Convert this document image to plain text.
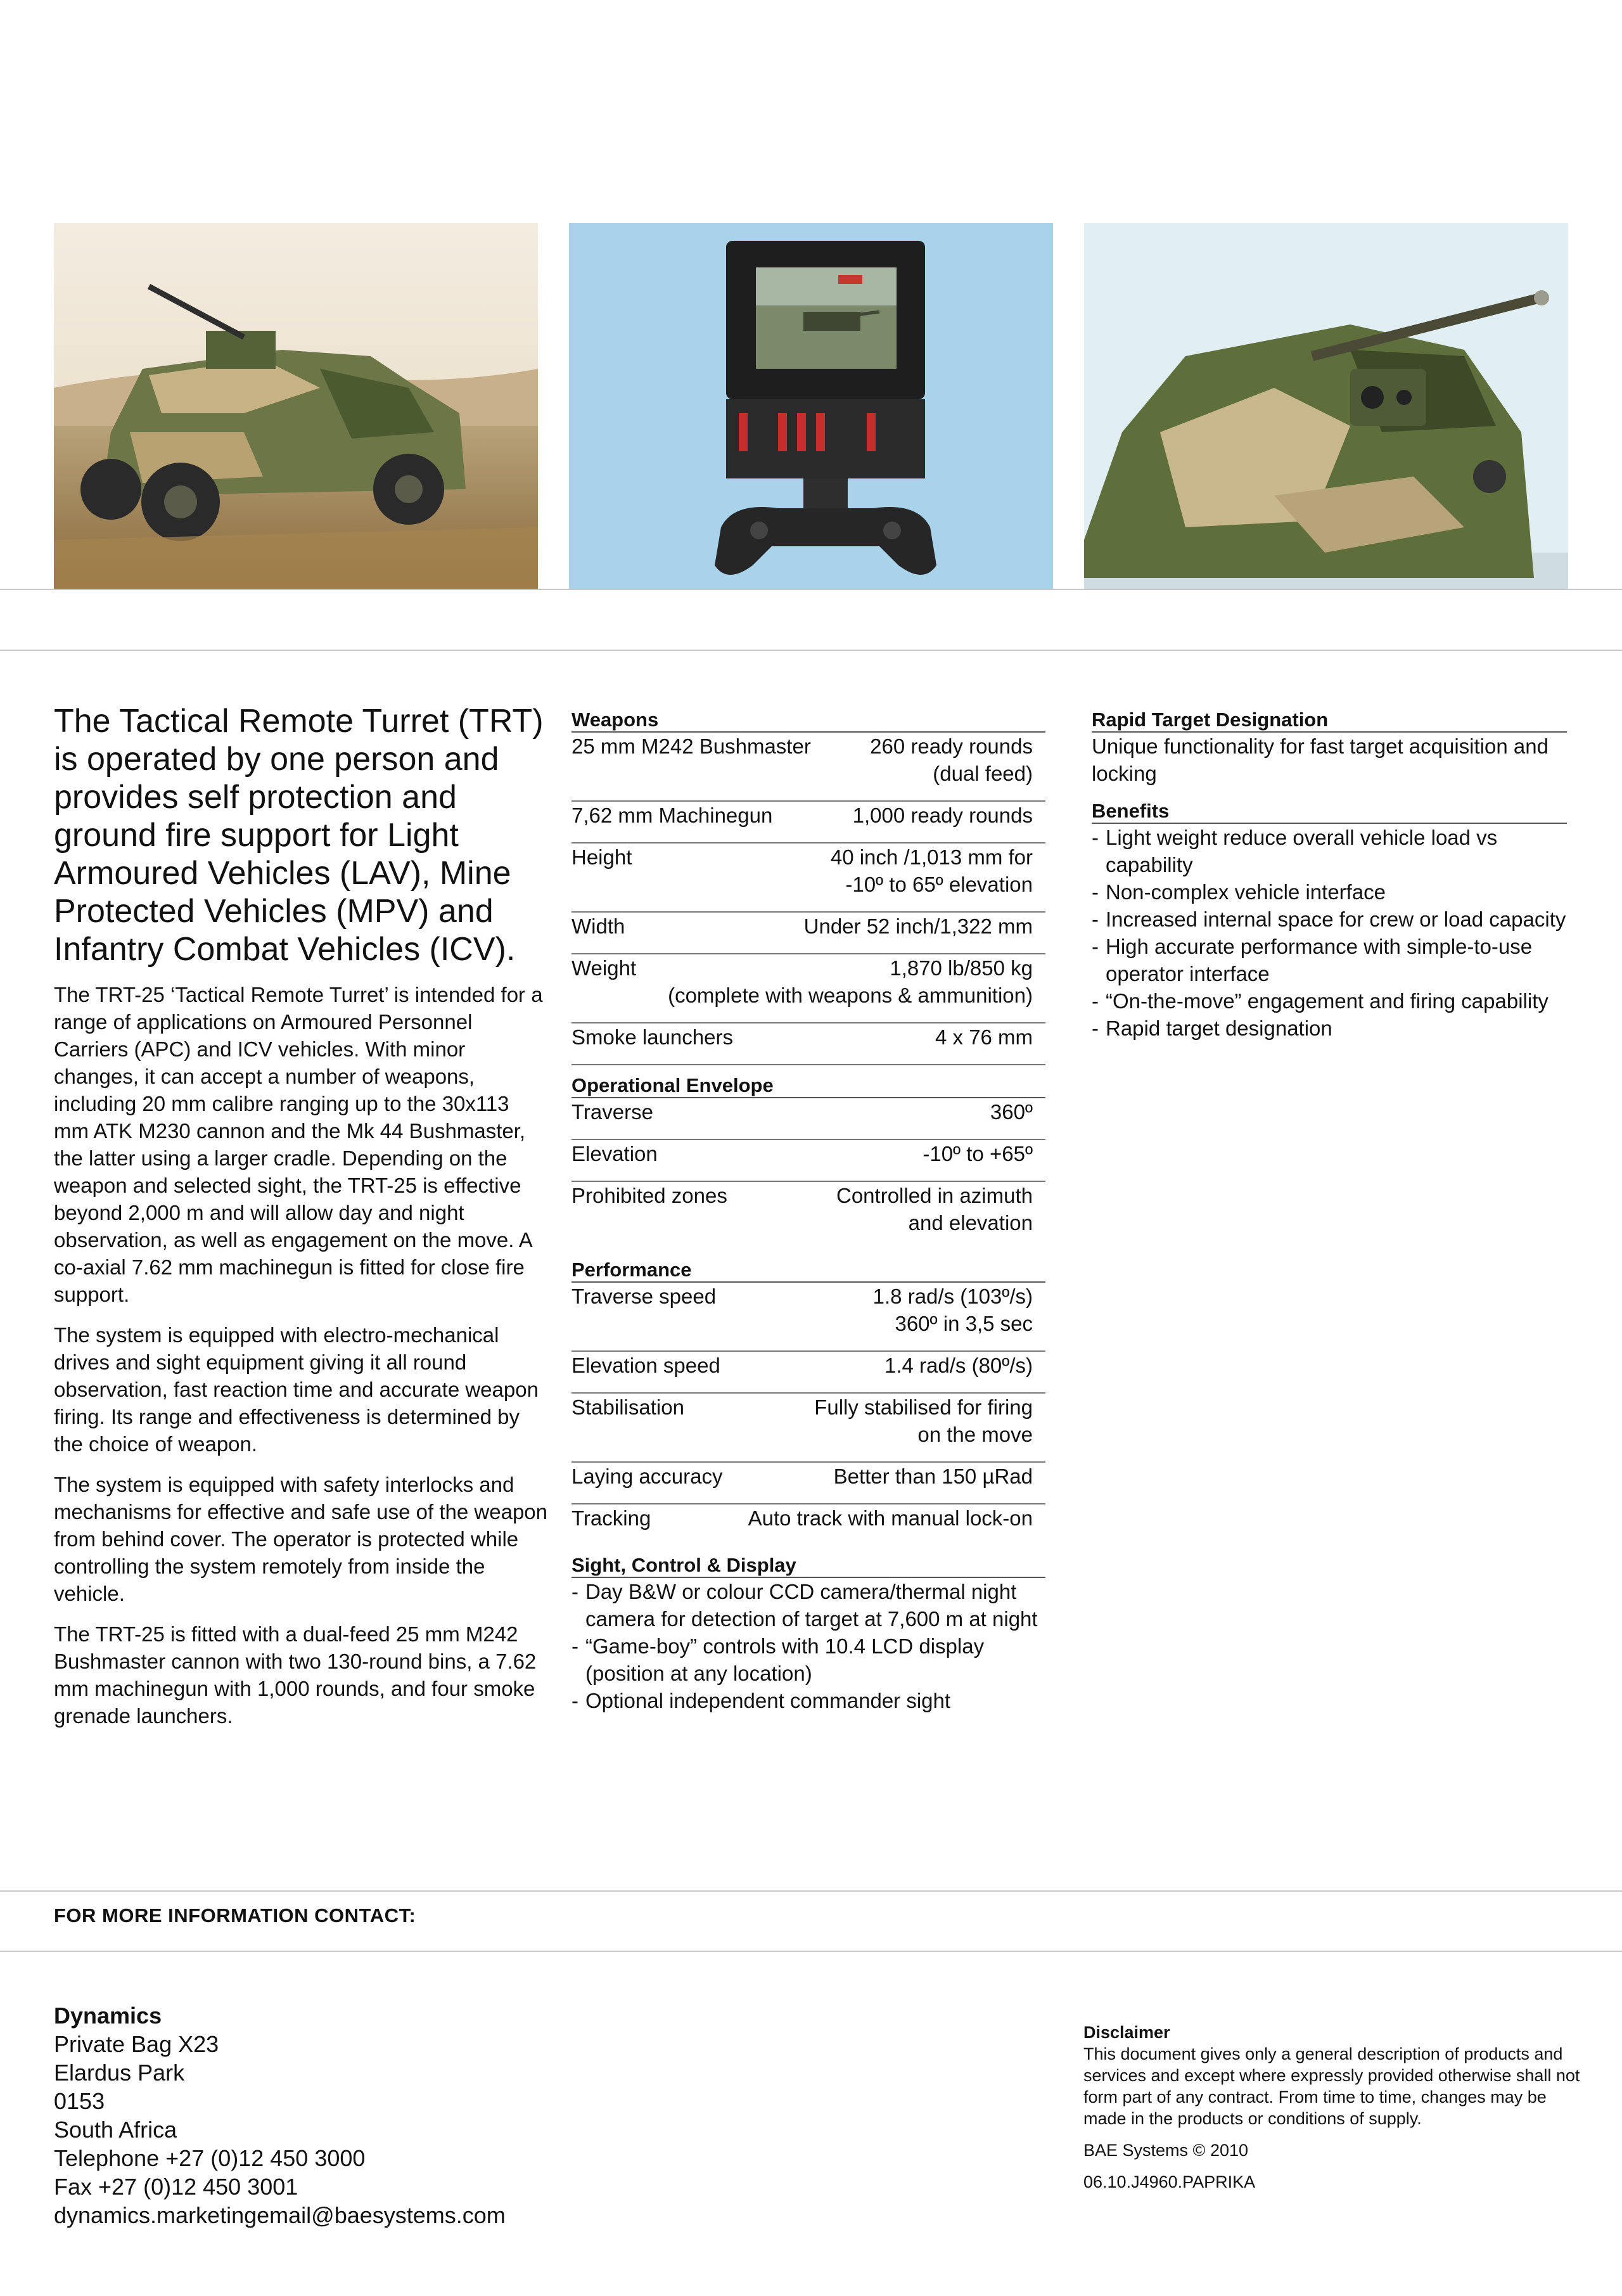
The Tactical Remote Turret (TRT) is operated by one person and provides self protection and ground fire support for Light Armoured Vehicles (LAV), Mine Protected Vehicles (MPV) and Infantry Combat Vehicles (ICV).

The TRT-25 ‘Tactical Remote Turret’ is intended for a range of applications on Armoured Personnel Carriers (APC) and ICV vehicles. With minor changes, it can accept a number of weapons, including 20 mm calibre ranging up to the 30x113 mm ATK M230 cannon and the Mk 44 Bushmaster, the latter using a larger cradle. Depending on the weapon and selected sight, the TRT-25 is effective beyond 2,000 m and will allow day and night observation, as well as engagement on the move. A co-axial 7.62 mm machinegun is fitted for close fire support.

The system is equipped with electro-mechanical drives and sight equipment giving it all round observation, fast reaction time and accurate weapon firing. Its range and effectiveness is determined by the choice of weapon.

The system is equipped with safety interlocks and mechanisms for effective and safe use of the weapon from behind cover. The operator is protected while controlling the system remotely from inside the vehicle.

The TRT-25 is fitted with a dual-feed 25 mm M242 Bushmaster cannon with two 130-round bins, a 7.62 mm machinegun with 1,000 rounds, and four smoke grenade launchers.

Weapons
25 mm M242 Bushmaster	260 ready rounds
(dual feed)
7,62 mm Machinegun	1,000 ready rounds
Height	40 inch /1,013 mm for
-10º to 65º elevation
Width	Under 52 inch/1,322 mm
Weight	1,870 lb/850 kg
(complete with weapons & ammunition)
Smoke launchers	4 x 76 mm
Operational Envelope
Traverse	360º
Elevation	-10º to +65º
Prohibited zones	Controlled in azimuth
and elevation
Performance
Traverse speed	1.8 rad/s (103º/s)
360º in 3,5 sec
Elevation speed	1.4 rad/s (80º/s)
Stabilisation	Fully stabilised for firing
on the move
Laying accuracy	Better than 150 µRad
Tracking	Auto track with manual lock-on
Sight, Control & Display
- Day B&W or colour CCD camera/thermal night camera for detection of target at 7,600 m at night
- “Game-boy” controls with 10.4 LCD display (position at any location)
- Optional independent commander sight
Rapid Target Designation
Unique functionality for fast target acquisition and locking
Benefits
- Light weight reduce overall vehicle load vs capability
- Non-complex vehicle interface
- Increased internal space for crew or load capacity
- High accurate performance with simple-to-use operator interface
- “On-the-move” engagement and firing capability
- Rapid target designation
FOR MORE INFORMATION CONTACT:
Dynamics
Private Bag X23
Elardus Park
0153
South Africa
Telephone +27 (0)12 450 3000
Fax +27 (0)12 450 3001
dynamics.marketingemail@baesystems.com
Disclaimer
This document gives only a general description of products and services and except where expressly provided otherwise shall not form part of any contract. From time to time, changes may be made in the products or conditions of supply.
BAE Systems © 2010
06.10.J4960.PAPRIKA
